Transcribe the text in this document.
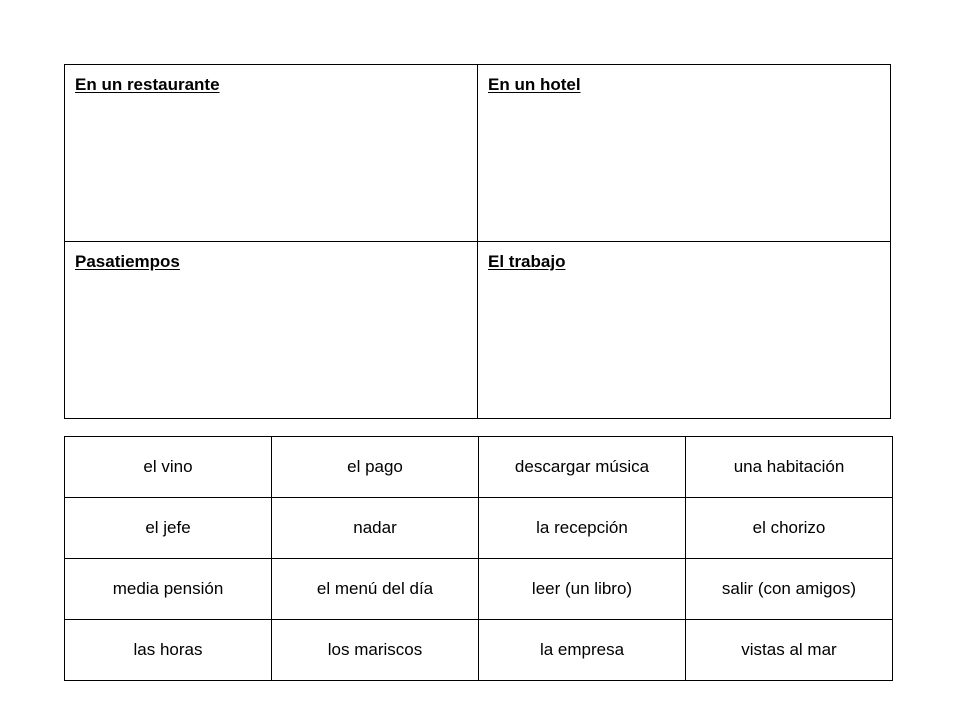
En un restaurante	En un hotel

Pasatiempos	El trabajo
el vino	el pago	descargar música	una habitación
el jefe	nadar	la recepción	el chorizo
media pensión	el menú del día	leer (un libro)	salir (con amigos)
las horas	los mariscos	la empresa	vistas al mar
